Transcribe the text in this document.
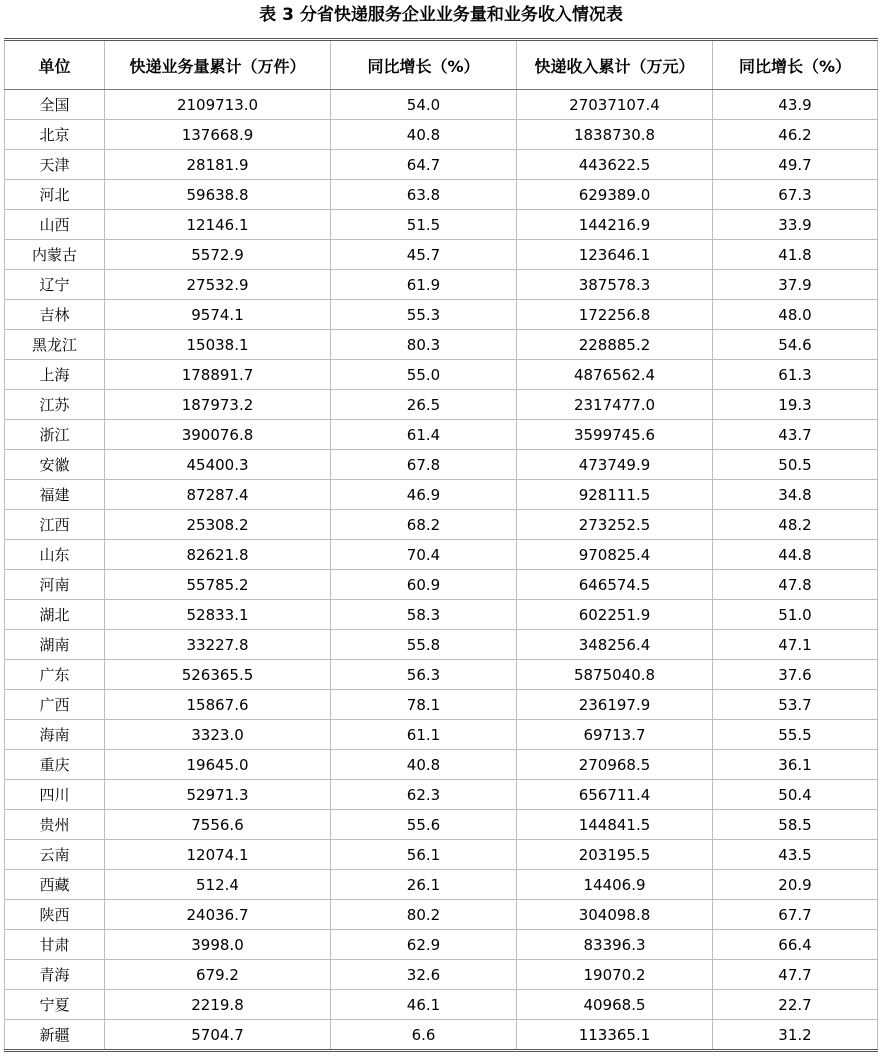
表 3 分省快递服务企业业务量和业务收入情况表
单位	快递业务量累计（万件）	同比增长（%）	快递收入累计（万元）	同比增长（%）
全国	2109713.0	54.0	27037107.4	43.9
北京	137668.9	40.8	1838730.8	46.2
天津	28181.9	64.7	443622.5	49.7
河北	59638.8	63.8	629389.0	67.3
山西	12146.1	51.5	144216.9	33.9
内蒙古	5572.9	45.7	123646.1	41.8
辽宁	27532.9	61.9	387578.3	37.9
吉林	9574.1	55.3	172256.8	48.0
黑龙江	15038.1	80.3	228885.2	54.6
上海	178891.7	55.0	4876562.4	61.3
江苏	187973.2	26.5	2317477.0	19.3
浙江	390076.8	61.4	3599745.6	43.7
安徽	45400.3	67.8	473749.9	50.5
福建	87287.4	46.9	928111.5	34.8
江西	25308.2	68.2	273252.5	48.2
山东	82621.8	70.4	970825.4	44.8
河南	55785.2	60.9	646574.5	47.8
湖北	52833.1	58.3	602251.9	51.0
湖南	33227.8	55.8	348256.4	47.1
广东	526365.5	56.3	5875040.8	37.6
广西	15867.6	78.1	236197.9	53.7
海南	3323.0	61.1	69713.7	55.5
重庆	19645.0	40.8	270968.5	36.1
四川	52971.3	62.3	656711.4	50.4
贵州	7556.6	55.6	144841.5	58.5
云南	12074.1	56.1	203195.5	43.5
西藏	512.4	26.1	14406.9	20.9
陕西	24036.7	80.2	304098.8	67.7
甘肃	3998.0	62.9	83396.3	66.4
青海	679.2	32.6	19070.2	47.7
宁夏	2219.8	46.1	40968.5	22.7
新疆	5704.7	6.6	113365.1	31.2
